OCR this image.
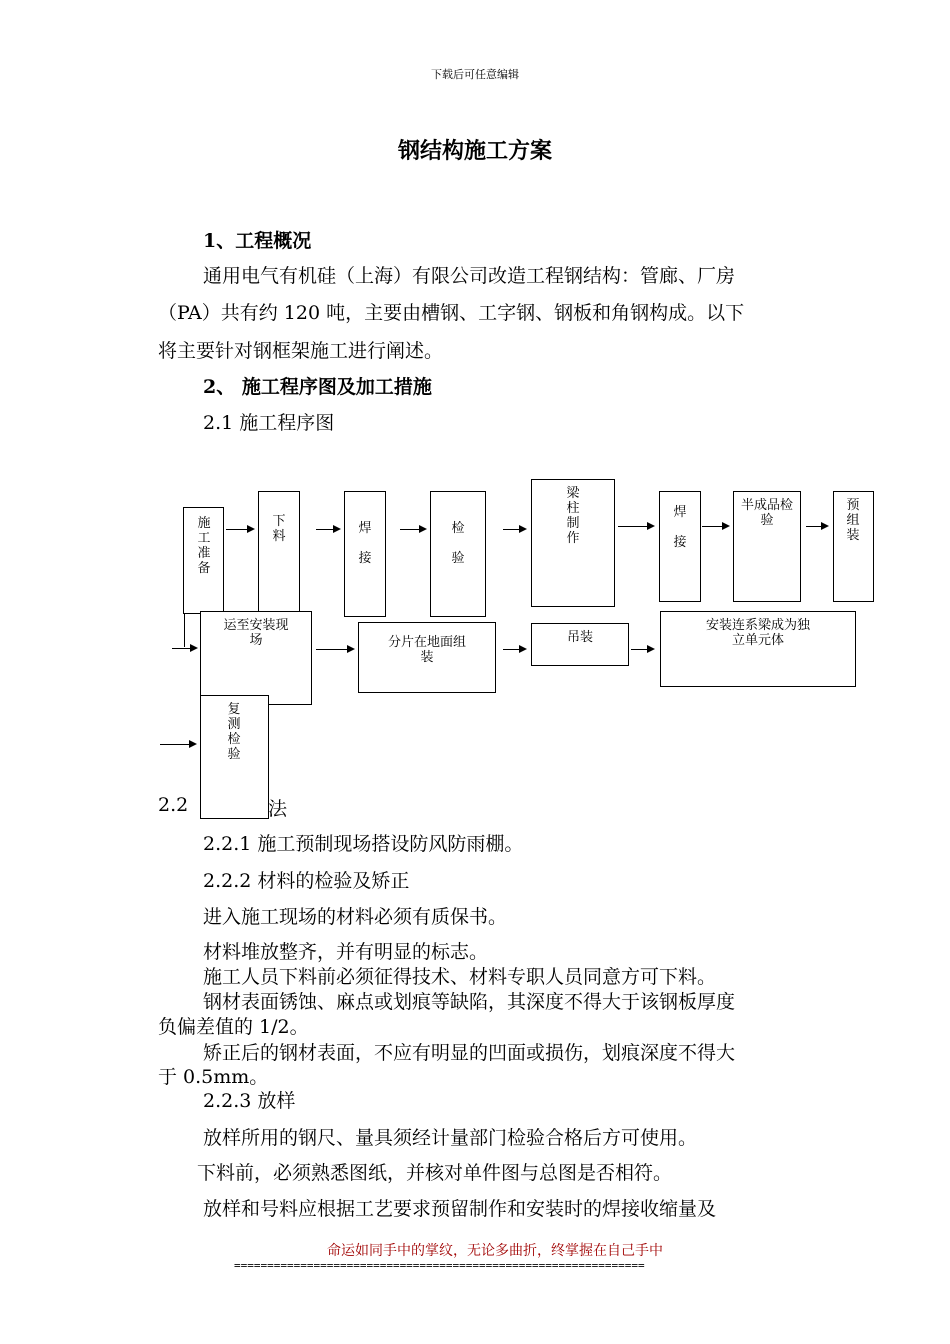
下载后可任意编辑
钢结构施工方案
1、工程概况
通用电气有机硅（上海）有限公司改造工程钢结构：管廊、厂房
（PA）共有约 120 吨，主要由槽钢、工字钢、钢板和角钢构成。以下
将主要针对钢框架施工进行阐述。
2、 施工程序图及加工措施
2.1 施工程序图
施工准备
下料
焊接
检验
梁柱制作
焊接
半成品检验
预组装
运至安装现场	分片在地面组装
吊装
安装连系梁成为独立单元体
复测检验
2.2	法
2.2.1 施工预制现场搭设防风防雨棚。
2.2.2 材料的检验及矫正
进入施工现场的材料必须有质保书。
材料堆放整齐，并有明显的标志。
施工人员下料前必须征得技术、材料专职人员同意方可下料。
钢材表面锈蚀、麻点或划痕等缺陷，其深度不得大于该钢板厚度
负偏差值的 1/2。
矫正后的钢材表面，不应有明显的凹面或损伤，划痕深度不得大
于 0.5mm。
2.2.3 放样
放样所用的钢尺、量具须经计量部门检验合格后方可使用。
下料前，必须熟悉图纸，并核对单件图与总图是否相符。
放样和号料应根据工艺要求预留制作和安装时的焊接收缩量及
命运如同手中的掌纹，无论多曲折，终掌握在自己手中
==============================================================
